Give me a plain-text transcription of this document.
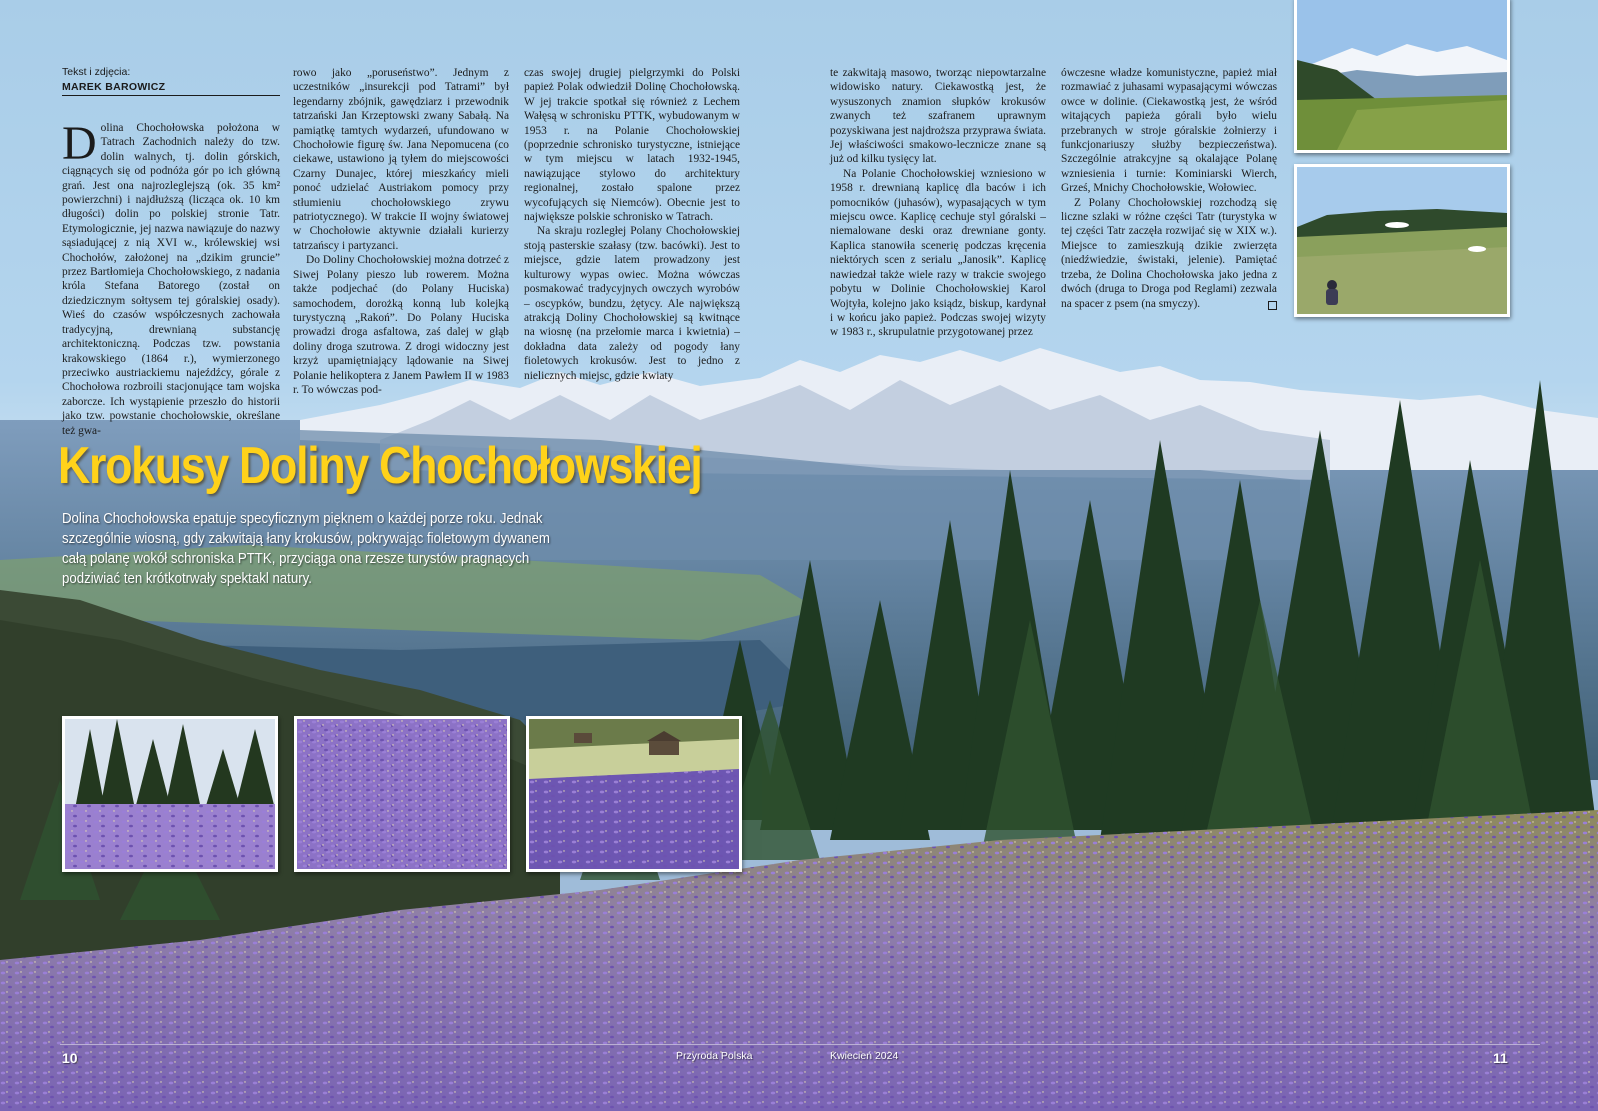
Tekst i zdjęcia:
MAREK BAROWICZ

Dolina Chochołowska położona w Tatrach Zachodnich należy do tzw. dolin walnych, tj. dolin górskich, ciągnących się od podnóża gór po ich główną grań. Jest ona najrozleglejszą (ok. 35 km² powierzchni) i najdłuższą (licząca ok. 10 km długości) dolin po polskiej stronie Tatr. Etymologicznie, jej nazwa nawiązuje do nazwy sąsiadującej z nią XVI w., królewskiej wsi Chochołów, założonej na „dzikim gruncie” przez Bartłomieja Chochołowskiego, z nadania króla Stefana Batorego (został on dziedzicznym sołtysem tej góralskiej osady). Wieś do czasów współczesnych zachowała tradycyjną, drewnianą substancję architektoniczną. Podczas tzw. powstania krakowskiego (1864 r.), wymierzonego przeciwko austriackiemu najeźdźcy, górale z Chochołowa rozbroili stacjonujące tam wojska zaborcze. Ich wystąpienie przeszło do historii jako tzw. powstanie chochołowskie, określane też gwa-

rowo jako „poruseństwo”. Jednym z uczestników „insurekcji pod Tatrami” był legendarny zbójnik, gawędziarz i przewodnik tatrzański Jan Krzeptowski zwany Sabałą. Na pamiątkę tamtych wydarzeń, ufundowano w Chochołowie figurę św. Jana Nepomucena (co ciekawe, ustawiono ją tyłem do miejscowości Czarny Dunajec, której mieszkańcy mieli ponoć udzielać Austriakom pomocy przy stłumieniu chochołowskiego zrywu patriotycznego). W trakcie II wojny światowej w Chochołowie aktywnie działali kurierzy tatrzańscy i partyzanci.

Do Doliny Chochołowskiej można dotrzeć z Siwej Polany pieszo lub rowerem. Można także podjechać (do Polany Huciska) samochodem, dorożką konną lub kolejką turystyczną „Rakoń”. Do Polany Huciska prowadzi droga asfaltowa, zaś dalej w głąb doliny droga szutrowa. Z drogi widoczny jest krzyż upamiętniający lądowanie na Siwej Polanie helikoptera z Janem Pawłem II w 1983 r. To wówczas pod-

czas swojej drugiej pielgrzymki do Polski papież Polak odwiedził Dolinę Chochołowską. W jej trakcie spotkał się również z Lechem Wałęsą w schronisku PTTK, wybudowanym w 1953 r. na Polanie Chochołowskiej (poprzednie schronisko turystyczne, istniejące w tym miejscu w latach 1932-1945, nawiązujące stylowo do architektury regionalnej, zostało spalone przez wycofujących się Niemców). Obecnie jest to największe polskie schronisko w Tatrach.

Na skraju rozległej Polany Chochołowskiej stoją pasterskie szałasy (tzw. bacówki). Jest to miejsce, gdzie latem prowadzony jest kulturowy wypas owiec. Można wówczas posmakować tradycyjnych owczych wyrobów – oscypków, bundzu, żętycy. Ale największą atrakcją Doliny Chochołowskiej są kwitnące na wiosnę (na przełomie marca i kwietnia) – dokładna data zależy od pogody łany fioletowych krokusów. Jest to jedno z nielicznych miejsc, gdzie kwiaty

te zakwitają masowo, tworząc niepowtarzalne widowisko natury. Ciekawostką jest, że wysuszonych znamion słupków krokusów zwanych też szafranem uprawnym pozyskiwana jest najdroższa przyprawa świata. Jej właściwości smakowo-lecznicze znane są już od kilku tysięcy lat.

Na Polanie Chochołowskiej wzniesiono w 1958 r. drewnianą kaplicę dla baców i ich pomocników (juhasów), wypasających w tym miejscu owce. Kaplicę cechuje styl góralski – niemalowane deski oraz drewniane gonty. Kaplica stanowiła scenerię podczas kręcenia niektórych scen z serialu „Janosik”. Kaplicę nawiedzał także wiele razy w trakcie swojego pobytu w Dolinie Chochołowskiej Karol Wojtyła, kolejno jako ksiądz, biskup, kardynał i w końcu jako papież. Podczas swojej wizyty w 1983 r., skrupulatnie przygotowanej przez

ówczesne władze komunistyczne, papież miał rozmawiać z juhasami wypasającymi wówczas owce w dolinie. (Ciekawostką jest, że wśród witających papieża górali było wielu przebranych w stroje góralskie żołnierzy i funkcjonariuszy służby bezpieczeństwa). Szczególnie atrakcyjne są okalające Polanę wzniesienia i turnie: Kominiarski Wierch, Grześ, Mnichy Chochołowskie, Wołowiec.

Z Polany Chochołowskiej rozchodzą się liczne szlaki w różne części Tatr (turystyka w tej części Tatr zaczęła rozwijać się w XIX w.). Miejsce to zamieszkują dzikie zwierzęta (niedźwiedzie, świstaki, jelenie). Pamiętać trzeba, że Dolina Chochołowska jako jedna z dwóch (druga to Droga pod Reglami) zezwala na spacer z psem (na smyczy).

Krokusy Doliny Chochołowskiej
Dolina Chochołowska epatuje specyficznym pięknem o każdej porze roku. Jednak szczególnie wiosną, gdy zakwitają łany krokusów, pokrywając fioletowym dywanem całą polanę wokół schroniska PTTK, przyciąga ona rzesze turystów pragnących podziwiać ten krótkotrwały spektakl natury.
10	Przyroda Polska	Kwiecień 2024	11
